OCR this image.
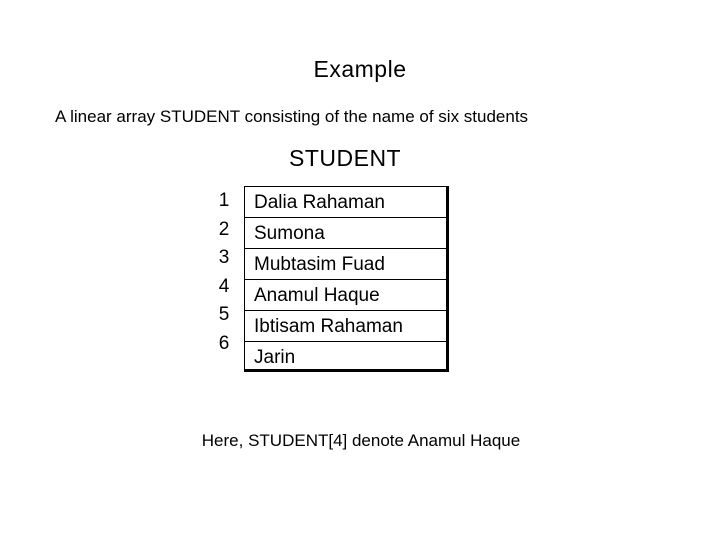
Example
A linear array STUDENT consisting of the name of six students
STUDENT
1
2
3
4
5
6
Dalia Rahaman
Sumona
Mubtasim Fuad
Anamul Haque
Ibtisam Rahaman
Jarin
Here, STUDENT[4] denote Anamul Haque
